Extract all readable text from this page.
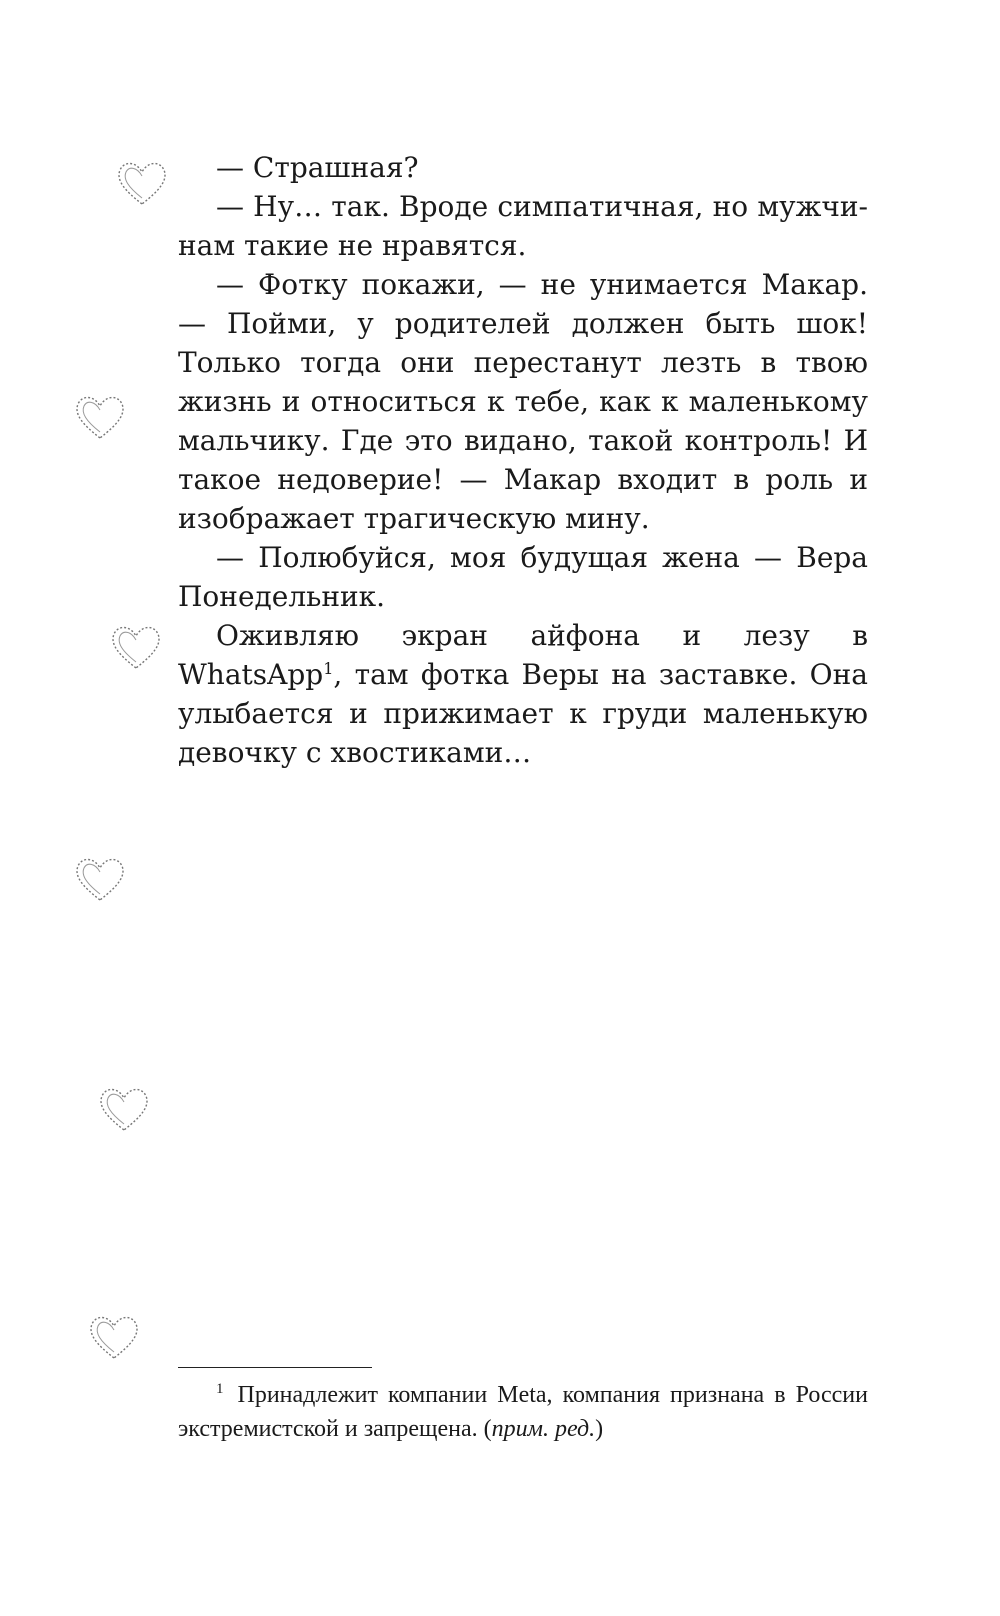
— Страшная?

— Ну… так. Вроде симпатичная, но мужчинам такие не нравятся.

— Фотку покажи, — не унимается Макар. — Пойми, у родителей должен быть шок! Только тогда они перестанут лезть в твою жизнь и относиться к тебе, как к маленькому мальчику. Где это видано, такой контроль! И такое недоверие! — Макар входит в роль и изображает трагическую мину.

— Полюбуйся, моя будущая жена — Вера Понедельник.

Оживляю экран айфона и лезу в WhatsApp$^1$, там фотка Веры на заставке. Она улыбается и прижимает к груди маленькую девочку с хвостиками…

$^1$ Принадлежит компании Meta, компания признана в России экстремистской и запрещена. (прим. ред.)
